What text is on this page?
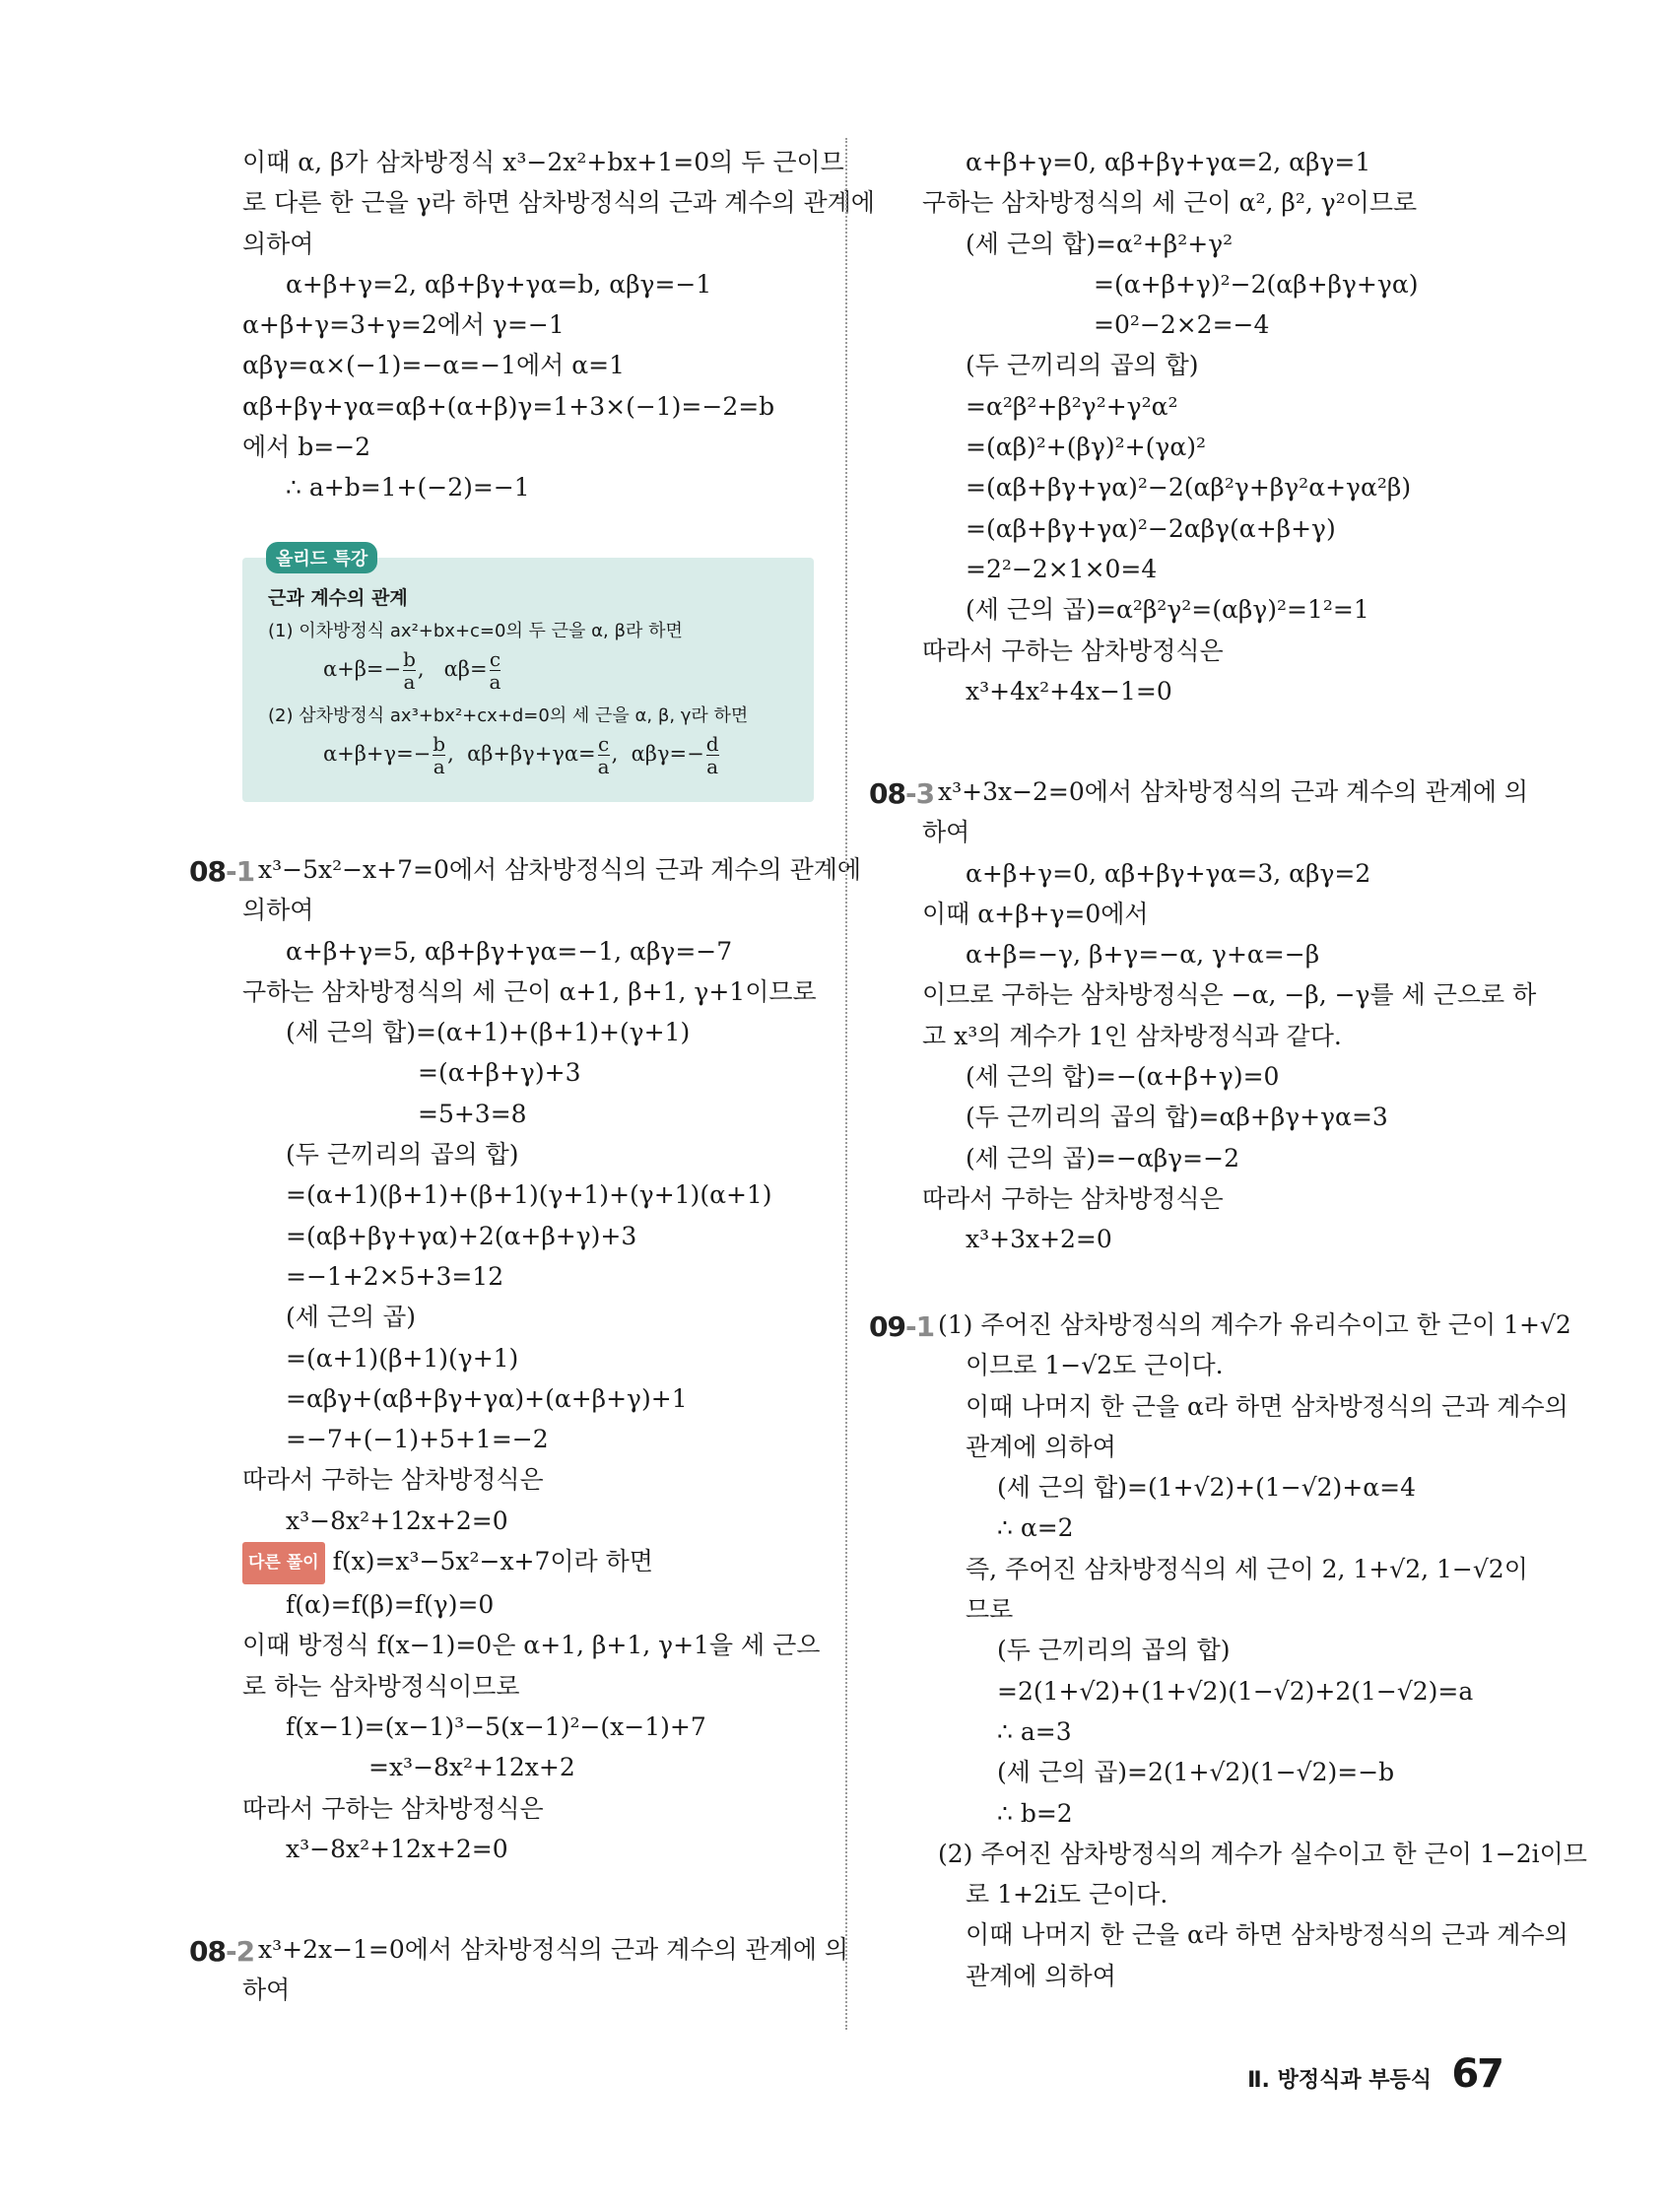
이때 α, β가 삼차방정식 x³−2x²+bx+1=0의 두 근이므
로 다른 한 근을 γ라 하면 삼차방정식의 근과 계수의 관계에
의하여
α+β+γ=2, αβ+βγ+γα=b, αβγ=−1
α+β+γ=3+γ=2에서 γ=−1
αβγ=α×(−1)=−α=−1에서 α=1
αβ+βγ+γα=αβ+(α+β)γ=1+3×(−1)=−2=b
에서 b=−2
∴ a+b=1+(−2)=−1
올리드 특강
근과 계수의 관계
(1) 이차방정식 ax²+bx+c=0의 두 근을 α, β라 하면
$\alpha+\beta=- \frac{b}{a}$ ,   $\alpha\beta= \frac{c}{a}$
(2) 삼차방정식 ax³+bx²+cx+d=0의 세 근을 α, β, γ라 하면
$\alpha+\beta+\gamma=- \frac{b}{a}$ ,  $\alpha\beta+\beta\gamma+\gamma\alpha= \frac{c}{a}$ ,  $\alpha\beta\gamma=- \frac{d}{a}$
08-1 x³−5x²−x+7=0에서 삼차방정식의 근과 계수의 관계에
의하여
α+β+γ=5, αβ+βγ+γα=−1, αβγ=−7
구하는 삼차방정식의 세 근이 α+1, β+1, γ+1이므로
(세 근의 합)=(α+1)+(β+1)+(γ+1)
=(α+β+γ)+3
=5+3=8
(두 근끼리의 곱의 합)
=(α+1)(β+1)+(β+1)(γ+1)+(γ+1)(α+1)
=(αβ+βγ+γα)+2(α+β+γ)+3
=−1+2×5+3=12
(세 근의 곱)
=(α+1)(β+1)(γ+1)
=αβγ+(αβ+βγ+γα)+(α+β+γ)+1
=−7+(−1)+5+1=−2
따라서 구하는 삼차방정식은
x³−8x²+12x+2=0
다른 풀이 f(x)=x³−5x²−x+7이라 하면
f(α)=f(β)=f(γ)=0
이때 방정식 f(x−1)=0은 α+1, β+1, γ+1을 세 근으
로 하는 삼차방정식이므로
f(x−1)=(x−1)³−5(x−1)²−(x−1)+7
=x³−8x²+12x+2
따라서 구하는 삼차방정식은
x³−8x²+12x+2=0
08-2 x³+2x−1=0에서 삼차방정식의 근과 계수의 관계에 의
하여
α+β+γ=0, αβ+βγ+γα=2, αβγ=1
구하는 삼차방정식의 세 근이 α², β², γ²이므로
(세 근의 합)=α²+β²+γ²
=(α+β+γ)²−2(αβ+βγ+γα)
=0²−2×2=−4
(두 근끼리의 곱의 합)
=α²β²+β²γ²+γ²α²
=(αβ)²+(βγ)²+(γα)²
=(αβ+βγ+γα)²−2(αβ²γ+βγ²α+γα²β)
=(αβ+βγ+γα)²−2αβγ(α+β+γ)
=2²−2×1×0=4
(세 근의 곱)=α²β²γ²=(αβγ)²=1²=1
따라서 구하는 삼차방정식은
x³+4x²+4x−1=0
08-3 x³+3x−2=0에서 삼차방정식의 근과 계수의 관계에 의
하여
α+β+γ=0, αβ+βγ+γα=3, αβγ=2
이때 α+β+γ=0에서
α+β=−γ, β+γ=−α, γ+α=−β
이므로 구하는 삼차방정식은 −α, −β, −γ를 세 근으로 하
고 x³의 계수가 1인 삼차방정식과 같다.
(세 근의 합)=−(α+β+γ)=0
(두 근끼리의 곱의 합)=αβ+βγ+γα=3
(세 근의 곱)=−αβγ=−2
따라서 구하는 삼차방정식은
x³+3x+2=0
09-1 (1) 주어진 삼차방정식의 계수가 유리수이고 한 근이 1+√2
이므로 1−√2도 근이다.
이때 나머지 한 근을 α라 하면 삼차방정식의 근과 계수의
관계에 의하여
(세 근의 합)=(1+√2)+(1−√2)+α=4
∴ α=2
즉, 주어진 삼차방정식의 세 근이 2, 1+√2, 1−√2이
므로
(두 근끼리의 곱의 합)
=2(1+√2)+(1+√2)(1−√2)+2(1−√2)=a
∴ a=3
(세 근의 곱)=2(1+√2)(1−√2)=−b
∴ b=2
(2) 주어진 삼차방정식의 계수가 실수이고 한 근이 1−2i이므
로 1+2i도 근이다.
이때 나머지 한 근을 α라 하면 삼차방정식의 근과 계수의
관계에 의하여
Ⅱ. 방정식과 부등식 67
